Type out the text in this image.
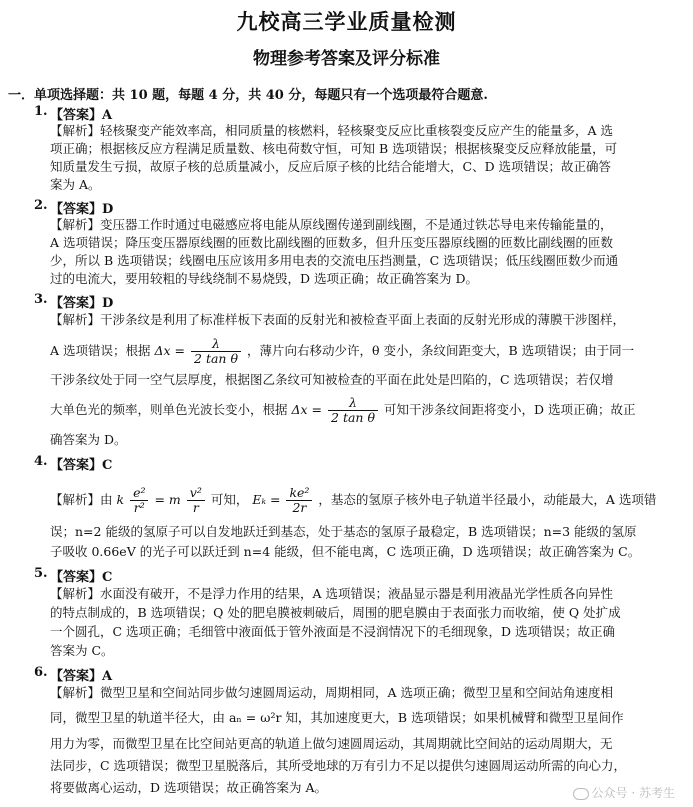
九校高三学业质量检测
物理参考答案及评分标准
一．单项选择题：共 10 题，每题 4 分，共 40 分，每题只有一个选项最符合题意.
1. 【答案】A
【解析】轻核聚变产能效率高，相同质量的核燃料，轻核聚变反应比重核裂变反应产生的能量多，A 选
项正确；根据核反应方程满足质量数、核电荷数守恒，可知 B 选项错误；根据核聚变反应释放能量，可
知质量发生亏损，故原子核的总质量减小，反应后原子核的比结合能增大，C、D 选项错误；故正确答
案为 A。
2. 【答案】D
【解析】变压器工作时通过电磁感应将电能从原线圈传递到副线圈，不是通过铁芯导电来传输能量的，
A 选项错误；降压变压器原线圈的匝数比副线圈的匝数多，但升压变压器原线圈的匝数比副线圈的匝数
少，所以 B 选项错误；线圈电压应该用多用电表的交流电压挡测量，C 选项错误；低压线圈匝数少而通
过的电流大，要用较粗的导线绕制不易烧毁，D 选项正确；故正确答案为 D。
3. 【答案】D
【解析】干涉条纹是利用了标准样板下表面的反射光和被检查平面上表面的反射光形成的薄膜干涉图样，
A 选项错误；根据 $\Delta x = \frac{\lambda}{\text{2 tan θ}}$ ，薄片向右移动少许，θ 变小，条纹间距变大，B 选项错误；由于同一
干涉条纹处于同一空气层厚度，根据图乙条纹可知被检查的平面在此处是凹陷的，C 选项错误；若仅增
大单色光的频率，则单色光波长变小，根据 $\Delta x = \frac{\lambda}{\text{2 tan θ}}$ 可知干涉条纹间距将变小，D 选项正确；故正
确答案为 D。
4. 【答案】C
【解析】由 k $\frac{\text{e²}}{\text{r²}} = m \frac{\text{v²}}{r}$ 可知， $E_k = \frac{\text{ke²}}{2r}$ ，基态的氢原子核外电子轨道半径最小，动能最大，A 选项错
误；n=2 能级的氢原子可以自发地跃迁到基态，处于基态的氢原子最稳定，B 选项错误；n=3 能级的氢原
子吸收 0.66eV 的光子可以跃迁到 n=4 能级，但不能电离，C 选项正确，D 选项错误；故正确答案为 C。
5. 【答案】C
【解析】水面没有破开，不是浮力作用的结果，A 选项错误；液晶显示器是利用液晶光学性质各向异性
的特点制成的，B 选项错误；Q 处的肥皂膜被刺破后，周围的肥皂膜由于表面张力而收缩，使 Q 处扩成
一个圆孔，C 选项正确；毛细管中液面低于管外液面是不浸润情况下的毛细现象，D 选项错误；故正确
答案为 C。
6. 【答案】A
【解析】微型卫星和空间站同步做匀速圆周运动，周期相同，A 选项正确；微型卫星和空间站角速度相
同，微型卫星的轨道半径大，由 aₙ = ω²r 知，其加速度更大，B 选项错误；如果机械臂和微型卫星间作
用力为零，而微型卫星在比空间站更高的轨道上做匀速圆周运动，其周期就比空间站的运动周期大，无
法同步，C 选项错误；微型卫星脱落后，其所受地球的万有引力不足以提供匀速圆周运动所需的向心力，
将要做离心运动，D 选项错误；故正确答案为 A。	公众号 · 苏考生
